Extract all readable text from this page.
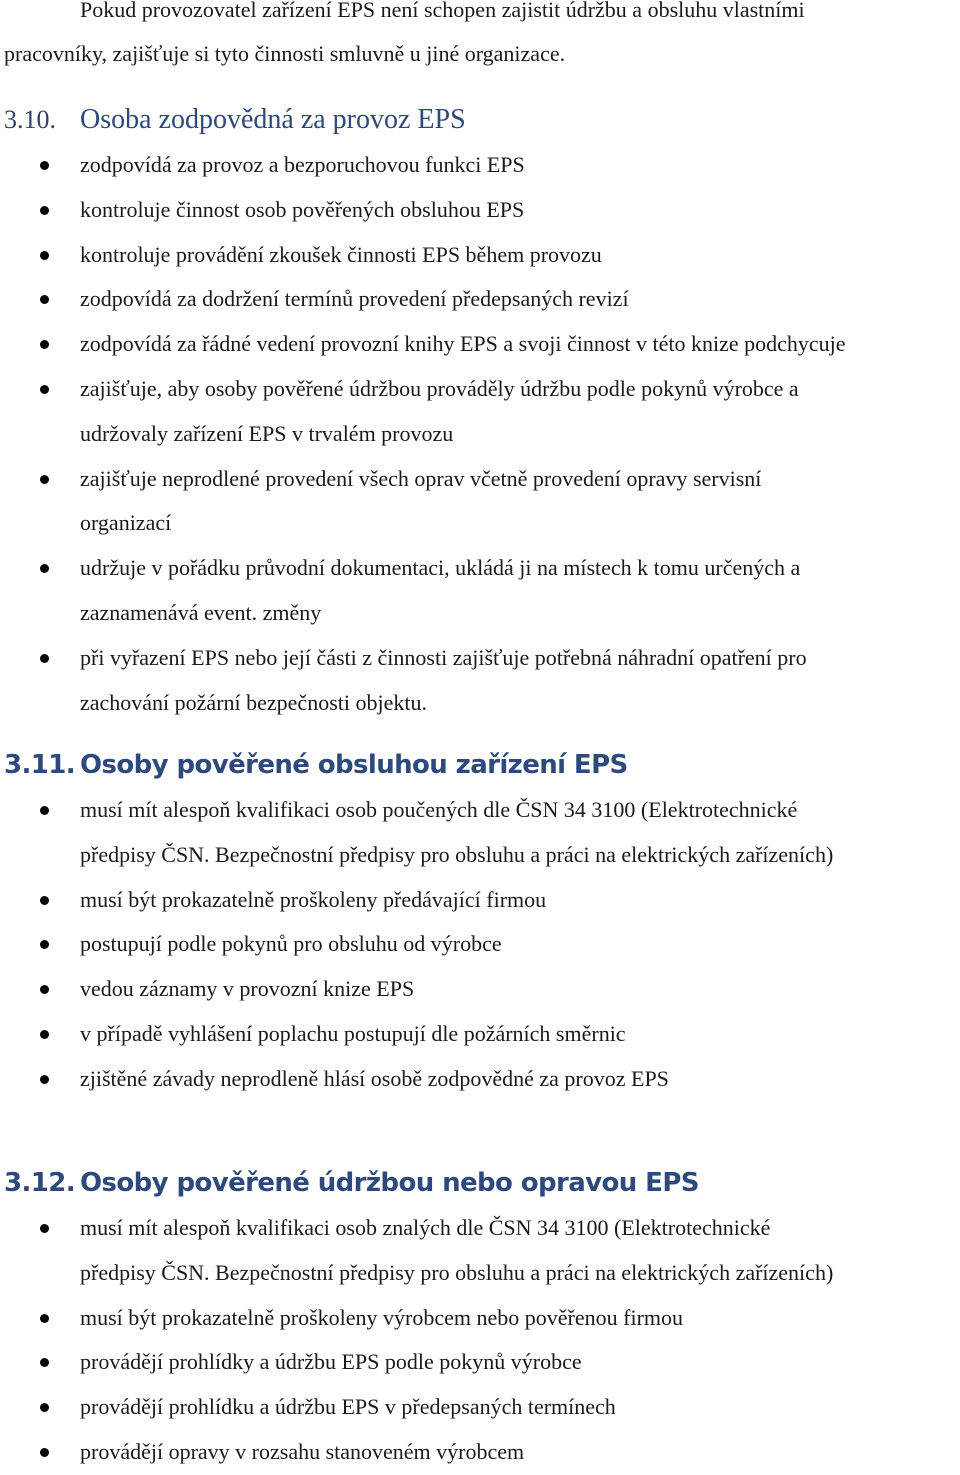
Pokud provozovatel zařízení EPS není schopen zajistit údržbu a obsluhu vlastními
pracovníky, zajišťuje si tyto činnosti smluvně u jiné organizace.
3.10. Osoba zodpovědná za provoz EPS
zodpovídá za provoz a bezporuchovou funkci EPS
kontroluje činnost osob pověřených obsluhou EPS
kontroluje provádění zkoušek činnosti EPS během provozu
zodpovídá za dodržení termínů provedení předepsaných revizí
zodpovídá za řádné vedení provozní knihy EPS a svoji činnost v této knize podchycuje
zajišťuje, aby osoby pověřené údržbou prováděly údržbu podle pokynů výrobce a
udržovaly zařízení EPS v trvalém provozu
zajišťuje neprodlené provedení všech oprav včetně provedení opravy servisní
organizací
udržuje v pořádku průvodní dokumentaci, ukládá ji na místech k tomu určených a
zaznamenává event. změny
při vyřazení EPS nebo její části z činnosti zajišťuje potřebná náhradní opatření pro
zachování požární bezpečnosti objektu.
3.11. Osoby pověřené obsluhou zařízení EPS
musí mít alespoň kvalifikaci osob poučených dle ČSN 34 3100 (Elektrotechnické
předpisy ČSN. Bezpečnostní předpisy pro obsluhu a práci na elektrických zařízeních)
musí být prokazatelně proškoleny předávající firmou
postupují podle pokynů pro obsluhu od výrobce
vedou záznamy v provozní knize EPS
v případě vyhlášení poplachu postupují dle požárních směrnic
zjištěné závady neprodleně hlásí osobě zodpovědné za provoz EPS
3.12. Osoby pověřené údržbou nebo opravou EPS
musí mít alespoň kvalifikaci osob znalých dle ČSN 34 3100 (Elektrotechnické
předpisy ČSN. Bezpečnostní předpisy pro obsluhu a práci na elektrických zařízeních)
musí být prokazatelně proškoleny výrobcem nebo pověřenou firmou
provádějí prohlídky a údržbu EPS podle pokynů výrobce
provádějí prohlídku a údržbu EPS v předepsaných termínech
provádějí opravy v rozsahu stanoveném výrobcem
